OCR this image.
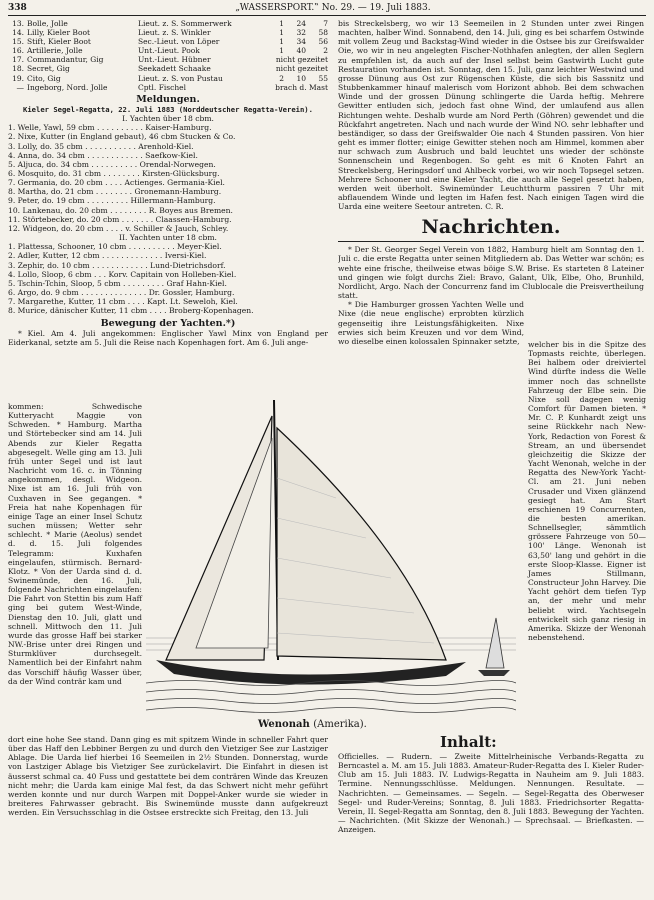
338	„WASSERSPORT.‟ No. 29. — 19. Juli 1883.
13.	Bolle, Jolle	Lieut. z. S. Sommerwerk	1	24	7
14.	Lilly, Kieler Boot	Lieut. z. S. Winkler	1	32	58
15.	Stift, Kieler Boot	Sec.-Lieut. von Löper	1	34	56
16.	Artillerie, Jolle	Unt.-Lieut. Pook	1	40	2
17.	Commandantur, Gig	Unt.-Lieut. Hübner	nicht gezeitet		
18.	Secret, Gig	Seekadett Schaake	nicht gezeitet		
19.	Cito, Gig	Lieut. z. S. von Pustau	2	10	55
—	Ingeborg, Nord. Jolle	Cptl. Fischel	brach d. Mast		
Meldungen.
Kieler Segel-Regatta, 22. Juli 1883 (Norddeutscher Regatta-Verein).
I. Yachten über 18 cbm.
1. Welle, Yawl, 59 cbm . . . . . . . . . . Kaiser-Hamburg.
2. Nixe, Kutter (in England gebaut), 46 cbm Stucken & Co.
3. Lolly, do. 35 cbm . . . . . . . . . . . Arenhold-Kiel.
4. Anna, do. 34 cbm . . . . . . . . . . . . Saefkow-Kiel.
5. Aljuca, do. 34 cbm . . . . . . . . . . Orendal-Norwegen.
6. Mosquito, do. 31 cbm . . . . . . . . Kirsten-Glücksburg.
7. Germania, do. 20 cbm . . . . Actienges. Germania-Kiel.
8. Martha, do. 21 cbm . . . . . . . . Gronemann-Hamburg.
9. Peter, do. 19 cbm . . . . . . . . . Hillermann-Hamburg.
10. Lankenau, do. 20 cbm . . . . . . . . R. Boyes aus Bremen.
11. Störtebecker, do. 20 cbm . . . . . . . Claassen-Hamburg.
12. Widgeon, do. 20 cbm . . . . v. Schiller & Jauch, Schley.
II. Yachten unter 18 cbm.
1. Plattessa, Schooner, 10 cbm . . . . . . . . . . Meyer-Kiel.
2. Adler, Kutter, 12 cbm . . . . . . . . . . . . . Iversi-Kiel.
3. Zephir, do. 10 cbm . . . . . . . . . . . . Lund-Dietrichsdorf.
4. Lollo, Sloop, 6 cbm . . . Korv. Capitain von Holleben-Kiel.
5. Tschin-Tchin, Sloop, 5 cbm . . . . . . . . . Graf Hahn-Kiel.
6. Argo, do. 9 cbm . . . . . . . . . . . . . . Dr. Gossler, Hamburg.
7. Margarethe, Kutter, 11 cbm . . . . Kapt. Lt. Seweloh, Kiel.
8. Murice, dänischer Kutter, 11 cbm . . . . Broberg-Kopenhagen.
Bewegung der Yachten.*)

* Kiel. Am 4. Juli angekommen: Englischer Yawl Minx von England per Eiderkanal, setzte am 5. Juli die Reise nach Kopenhagen fort. Am 6. Juli ange-

kommen: Schwedische Kutteryacht Maggie von Schweden. * Hamburg. Martha und Störtebecker sind am 14. Juli Abends zur Kieler Regatta abgesegelt. Welle ging am 13. Juli früh unter Segel und ist laut Nachricht vom 16. c. in Tönning angekommen, desgl. Widgeon. Nixe ist am 16. Juli früh von Cuxhaven in See gegangen. * Freia hat nahe Kopenhagen für einige Tage an einer Insel Schutz suchen müssen; Wetter sehr schlecht. * Marie (Aeolus) sendet d. d. 15. Juli folgendes Telegramm: Kuxhafen eingelaufen, stürmisch. Bernard-Klotz. * Von der Uarda sind d. d. Swinemünde, den 16. Juli, folgende Nachrichten eingelaufen: Die Fahrt von Stettin bis zum Haff ging bei gutem West-Winde, Dienstag den 10. Juli, glatt und schnell. Mittwoch den 11. Juli wurde das grosse Haff bei starker NW.-Brise unter drei Ringen und Sturmklüver durchsegelt. Namentlich bei der Einfahrt nahm das Vorschiff häufig Wasser über, da der Wind conträr kam und
dort eine hohe See stand. Dann ging es mit spitzem Winde in schneller Fahrt quer über das Haff den Lebbiner Bergen zu und durch den Vietziger See zur Lastziger Ablage. Die Uarda lief hierbei 16 Seemeilen in 2½ Stunden. Donnerstag, wurde von Lastziger Ablage bis Vietziger See zurückelavirt. Die Einfahrt in diesen ist äusserst schmal ca. 40 Fuss und gestattete bei dem conträren Winde das Kreuzen nicht mehr; die Uarda kam einige Mal fest, da das Schwert nicht mehr geführt werden konnte und nur durch Warpen mit Doppel-Anker wurde sie wieder in breiteres Fahrwasser gebracht. Bis Swinemünde musste dann aufgekreuzt werden. Ein Versuchsschlag in die Ostsee erstreckte sich Freitag, den 13. Juli

bis Streckelsberg, wo wir 13 Seemeilen in 2 Stunden unter zwei Ringen machten, halber Wind. Sonnabend, den 14. Juli, ging es bei scharfem Ostwinde mit vollem Zeug und Backstag-Wind wieder in die Ostsee bis zur Greifswalder Oie, wo wir in neu angelegten Fischer-Nothhafen anlegten, der allen Seglern zu empfehlen ist, da auch auf der Insel selbst beim Gastwirth Lucht gute Restauration vorhanden ist. Sonntag, den 15. Juli, ganz leichter Westwind und grosse Dünung aus Ost zur Rügenschen Küste, die sich bis Sassnitz und Stubbenkammer hinauf malerisch vom Horizont abhob. Bei dem schwachen Winde und der grossen Dünung schlingerte die Uarda heftig. Mehrere Gewitter entluden sich, jedoch fast ohne Wind, der umlaufend aus allen Richtungen wehte. Deshalb wurde am Nord Perth (Göhren) gewendet und die Rückfahrt angetreten. Nach und nach wurde der Wind NO. sehr lebhafter und beständiger, so dass der Greifswalder Oie nach 4 Stunden passiren. Von hier geht es immer flotter; einige Gewitter stehen noch am Himmel, kommen aber nur schwach zum Ausbruch und bald leuchtet uns wieder der schönste Sonnenschein und Regenbogen. So geht es mit 6 Knoten Fahrt an Streckelsberg, Heringsdorf und Ahlbeck vorbei, wo wir noch Topsegel setzen. Mehrere Schooner und eine Kieler Yacht, die auch alle Segel gesetzt haben, werden weit überholt. Swinemünder Leuchtthurm passiren 7 Uhr mit abflauendem Winde und legten im Hafen fest. Nach einigen Tagen wird die Uarda eine weitere Seetour antreten. C. R.

Nachrichten.

* Der St. Georger Segel Verein von 1882, Hamburg hielt am Sonntag den 1. Juli c. die erste Regatta unter seinen Mitgliedern ab. Das Wetter war schön; es wehte eine frische, theilweise etwas böige S.W. Brise. Es starteten 8 Lateiner und gingen wie folgt durchs Ziel: Bravo, Galant, Ulk, Elbe, Oho, Brunhild, Nordlicht, Argo. Nach der Concurrenz fand im Clublocale die Preisvertheilung statt.

* Die Hamburger grossen Yachten Welle und Nixe (die neue englische) erprobten kürzlich gegenseitig ihre Leistungsfähigkeiten. Nixe erwies sich beim Kreuzen und vor dem Wind, wo dieselbe einen kolossalen Spinnaker setzte,	welcher bis in die Spitze des Topmasts reichte, überlegen. Bei halbem oder dreiviertel Wind dürfte indess die Welle immer noch das schnellste Fahrzeug der Elbe sein. Die Nixe soll dagegen wenig Comfort für Damen bieten. * Mr. C. P. Kunhardt zeigt uns seine Rückkehr nach New-York, Redaction von Forest & Stream, an und übersendet gleichzeitig die Skizze der Yacht Wenonah, welche in der Regatta des New-York Yacht-Cl. am 21. Juni neben Crusader und Vixen glänzend gesiegt hat. Am Start erschienen 19 Concurrenten, die besten amerikan. Schnellsegler, sämmtlich grössere Fahrzeuge von 50—100' Länge. Wenonah ist 63,50' lang und gehört in die erste Sloop-Klasse. Eigner ist James Stillmann, Constructeur John Harvey. Die Yacht gehört dem tiefen Typ an, der mehr und mehr beliebt wird. Yachtsegeln entwickelt sich ganz riesig in Amerika. Skizze der Wenonah nebenstehend.
Wenonah (Amerika).
Inhalt:
Officielles. — Rudern. — Zweite Mittelrheinische Verbands-Regatta zu Berncastel a. M. am 15. Juli 1883. Amateur-Ruder-Regatta des I. Kieler Ruder-Club am 15. Juli 1883. IV. Ludwigs-Regatta in Nauheim am 9. Juli 1883. Termine. Nennungsschlüsse. Meldungen. Nennungen. Resultate. — Nachrichten. — Gemeinsames. — Segeln. — Segel-Regatta des Oberweser Segel- und Ruder-Vereins; Sonntag, 8. Juli 1883. Friedrichsorter Regatta-Verein, II. Segel-Regatta am Sonntag, den 8. Juli 1883. Bewegung der Yachten. — Nachrichten. (Mit Skizze der Wenonah.) — Sprechsaal. — Briefkasten. — Anzeigen.
